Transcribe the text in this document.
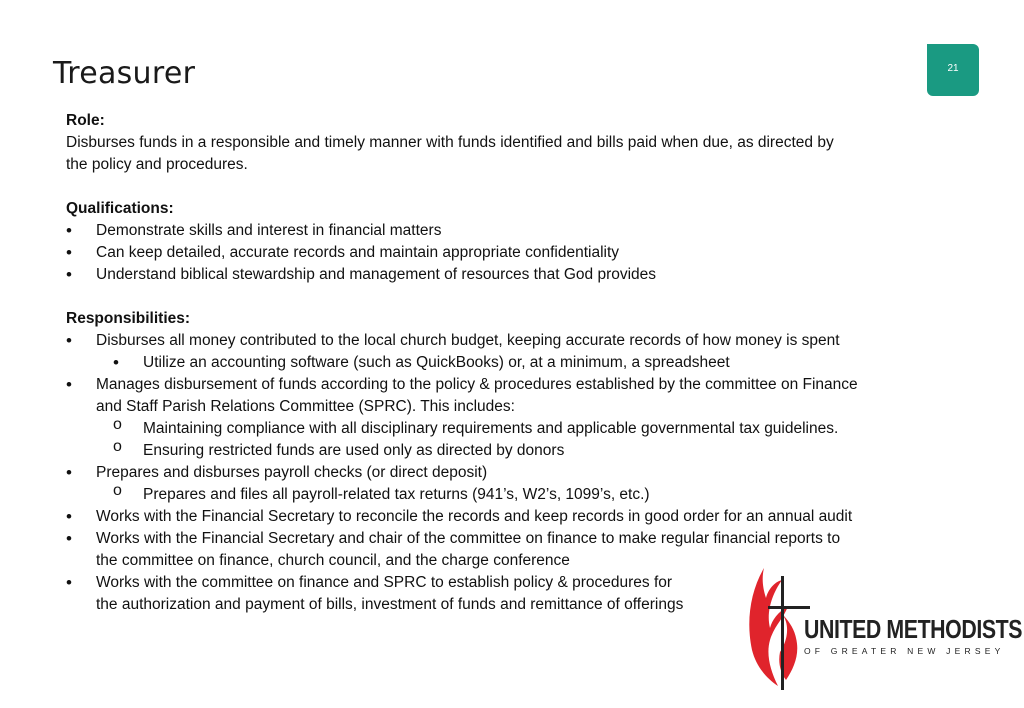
Treasurer	21
Role:
Disburses funds in a responsible and timely manner with funds identified and bills paid when due, as directed by
the policy and procedures.
Qualifications:
• Demonstrate skills and interest in financial matters
• Can keep detailed, accurate records and maintain appropriate confidentiality
• Understand biblical stewardship and management of resources that God provides
Responsibilities:
• Disburses all money contributed to the local church budget, keeping accurate records of how money is spent
• Utilize an accounting software (such as QuickBooks) or, at a minimum, a spreadsheet
• Manages disbursement of funds according to the policy & procedures established by the committee on Finance
and Staff Parish Relations Committee (SPRC). This includes:
o Maintaining compliance with all disciplinary requirements and applicable governmental tax guidelines.
o Ensuring restricted funds are used only as directed by donors
• Prepares and disburses payroll checks (or direct deposit)
o Prepares and files all payroll-related tax returns (941’s, W2’s, 1099’s, etc.)
• Works with the Financial Secretary to reconcile the records and keep records in good order for an annual audit
• Works with the Financial Secretary and chair of the committee on finance to make regular financial reports to
the committee on finance, church council, and the charge conference
• Works with the committee on finance and SPRC to establish policy & procedures for
the authorization and payment of bills, investment of funds and remittance of offerings
UNITED METHODISTS
OF GREATER NEW JERSEY
